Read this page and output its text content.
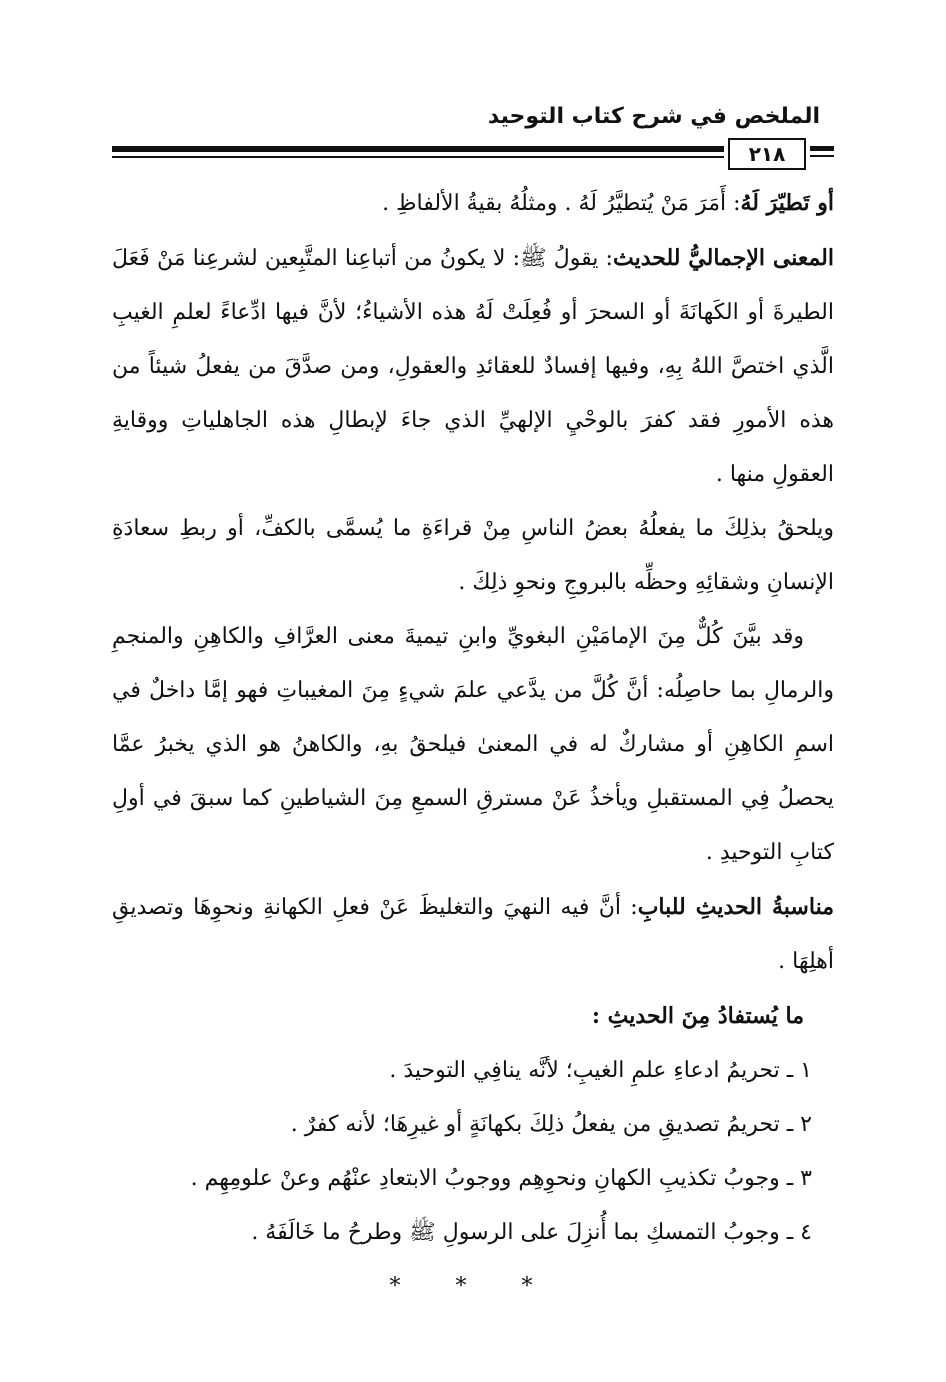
الملخص في شرح كتاب التوحيد
٢١٨

أو تَطيّرَ لَهُ: أَمَرَ مَنْ يُتطيَّرُ لَهُ . ومثلُهُ بقيةُ الألفاظِ .

المعنى الإجماليُّ للحديث: يقولُ ﷺ: لا يكونُ من أتباعِنا المتَّبِعين لشرعِنا مَنْ فَعَلَ الطيرةَ أو الكَهانَةَ أو السحرَ أو فُعِلَتْ لَهُ هذه الأشياءُ؛ لأنَّ فيها ادِّعاءً لعلمِ الغيبِ الَّذي اختصَّ اللهُ بِهِ، وفيها إفسادٌ للعقائدِ والعقولِ، ومن صدَّقَ من يفعلُ شيئاً من هذه الأمورِ فقد كفرَ بالوحْيِ الإلهيِّ الذي جاءَ لإبطالِ هذه الجاهلياتِ ووقايةِ العقولِ منها .

ويلحقُ بذلِكَ ما يفعلُهُ بعضُ الناسِ مِنْ قراءَةِ ما يُسمَّى بالكفِّ، أو ربطِ سعادَةِ الإنسانِ وشقائِهِ وحظِّه بالبروجِ ونحوِ ذلِكَ .

وقد بيَّنَ كُلٌّ مِنَ الإمامَيْنِ البغويِّ وابنِ تيميةَ معنى العرَّافِ والكاهِنِ والمنجمِ والرمالِ بما حاصِلُه: أنَّ كُلَّ من يدَّعي علمَ شيءٍ مِنَ المغيباتِ فهو إمَّا داخلٌ في اسمِ الكاهِنِ أو مشاركٌ له في المعنىٰ فيلحقُ بهِ، والكاهنُ هو الذي يخبرُ عمَّا يحصلُ فِي المستقبلِ ويأخذُ عَنْ مسترقِ السمعِ مِنَ الشياطينِ كما سبقَ في أولِ كتابِ التوحيدِ .

مناسبةُ الحديثِ للبابِ: أنَّ فيه النهيَ والتغليظَ عَنْ فعلِ الكهانةِ ونحوِهَا وتصديقِ أهلِهَا .

ما يُستفادُ مِنَ الحديثِ :

١ ـ تحريمُ ادعاءِ علمِ الغيبِ؛ لأنَّه ينافِي التوحيدَ .

٢ ـ تحريمُ تصديقِ من يفعلُ ذلِكَ بكهانَةٍ أو غيرِهَا؛ لأنه كفرٌ .

٣ ـ وجوبُ تكذيبِ الكهانِ ونحوِهِم ووجوبُ الابتعادِ عنْهُم وعنْ علومِهِم .

٤ ـ وجوبُ التمسكِ بما أُنزِلَ على الرسولِ ﷺ وطرحُ ما خَالَفَهُ .

* * *
